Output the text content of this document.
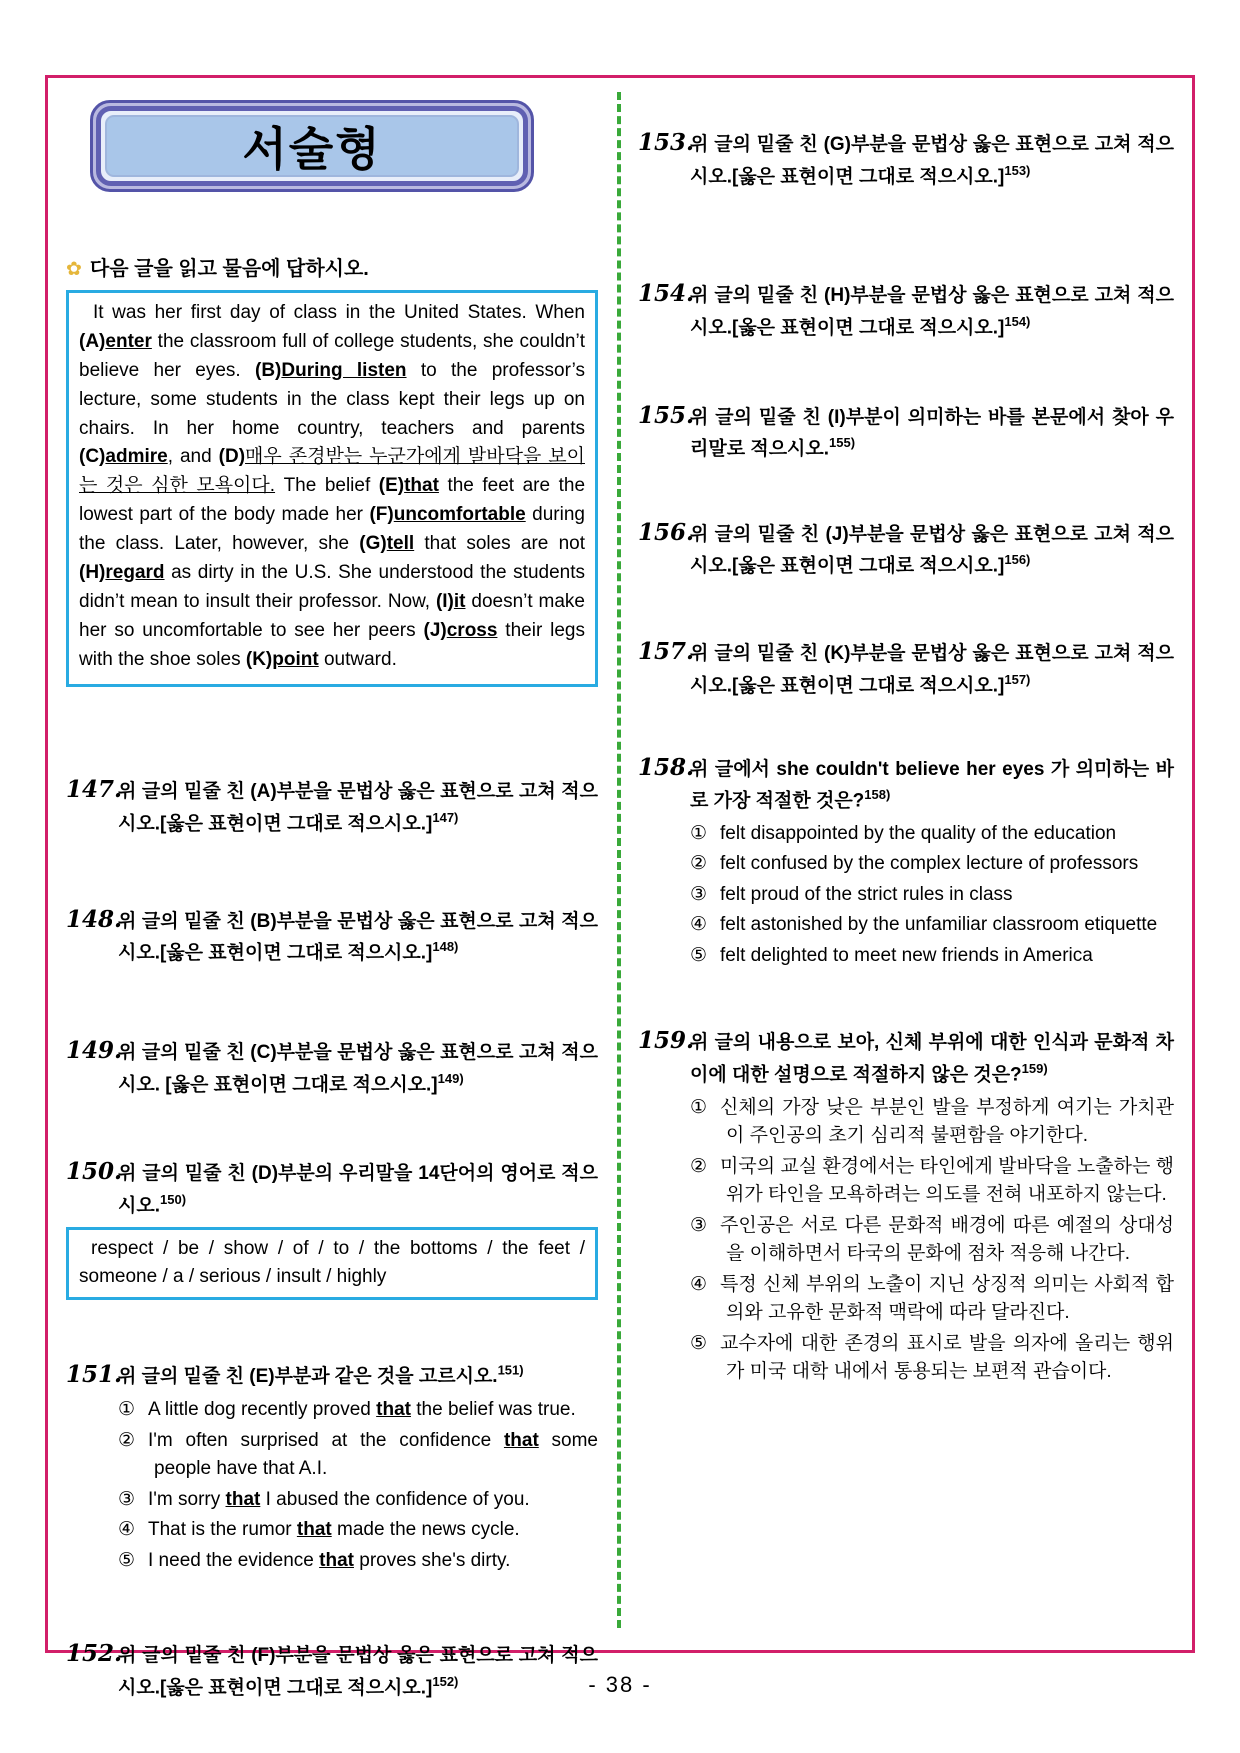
서술형
✿ 다음 글을 읽고 물음에 답하시오.

It was her first day of class in the United States. When (A)enter the classroom full of college students, she couldn’t believe her eyes. (B)During listen to the professor’s lecture, some students in the class kept their legs up on chairs. In her home country, teachers and parents (C)admire, and (D)매우 존경받는 누군가에게 발바닥을 보이는 것은 심한 모욕이다. The belief (E)that the feet are the lowest part of the body made her (F)uncomfortable during the class. Later, however, she (G)tell that soles are not (H)regard as dirty in the U.S. She understood the students didn’t mean to insult their professor. Now, (I)it doesn’t make her so uncomfortable to see her peers (J)cross their legs with the shoe soles (K)point outward.

147.위 글의 밑줄 친 (A)부분을 문법상 옳은 표현으로 고쳐 적으시오.[옳은 표현이면 그대로 적으시오.]$^{147)}$
148.위 글의 밑줄 친 (B)부분을 문법상 옳은 표현으로 고쳐 적으시오.[옳은 표현이면 그대로 적으시오.]$^{148)}$
149.위 글의 밑줄 친 (C)부분을 문법상 옳은 표현으로 고쳐 적으시오. [옳은 표현이면 그대로 적으시오.]$^{149)}$
150.위 글의 밑줄 친 (D)부분의 우리말을 14단어의 영어로 적으시오.$^{150)}$
respect / be / show / of / to / the bottoms / the feet / someone / a / serious / insult / highly
151.위 글의 밑줄 친 (E)부분과 같은 것을 고르시오.$^{151)}$
① A little dog recently proved that the belief was true.
② I'm often surprised at the confidence that some people have that A.I.
③ I'm sorry that I abused the confidence of you.
④ That is the rumor that made the news cycle.
⑤ I need the evidence that proves she's dirty.
152.위 글의 밑줄 친 (F)부분을 문법상 옳은 표현으로 고쳐 적으시오.[옳은 표현이면 그대로 적으시오.]$^{152)}$
153.위 글의 밑줄 친 (G)부분을 문법상 옳은 표현으로 고쳐 적으시오.[옳은 표현이면 그대로 적으시오.]$^{153)}$
154.위 글의 밑줄 친 (H)부분을 문법상 옳은 표현으로 고쳐 적으시오.[옳은 표현이면 그대로 적으시오.]$^{154)}$
155.위 글의 밑줄 친 (I)부분이 의미하는 바를 본문에서 찾아 우리말로 적으시오.$^{155)}$
156.위 글의 밑줄 친 (J)부분을 문법상 옳은 표현으로 고쳐 적으시오.[옳은 표현이면 그대로 적으시오.]$^{156)}$
157.위 글의 밑줄 친 (K)부분을 문법상 옳은 표현으로 고쳐 적으시오.[옳은 표현이면 그대로 적으시오.]$^{157)}$
158.위 글에서 she couldn't believe her eyes 가 의미하는 바로 가장 적절한 것은?$^{158)}$
① felt disappointed by the quality of the education
② felt confused by the complex lecture of professors
③ felt proud of the strict rules in class
④ felt astonished by the unfamiliar classroom etiquette
⑤ felt delighted to meet new friends in America
159.위 글의 내용으로 보아, 신체 부위에 대한 인식과 문화적 차이에 대한 설명으로 적절하지 않은 것은?$^{159)}$
① 신체의 가장 낮은 부분인 발을 부정하게 여기는 가치관이 주인공의 초기 심리적 불편함을 야기한다.
② 미국의 교실 환경에서는 타인에게 발바닥을 노출하는 행위가 타인을 모욕하려는 의도를 전혀 내포하지 않는다.
③ 주인공은 서로 다른 문화적 배경에 따른 예절의 상대성을 이해하면서 타국의 문화에 점차 적응해 나간다.
④ 특정 신체 부위의 노출이 지닌 상징적 의미는 사회적 합의와 고유한 문화적 맥락에 따라 달라진다.
⑤ 교수자에 대한 존경의 표시로 발을 의자에 올리는 행위가 미국 대학 내에서 통용되는 보편적 관습이다.
- 38 -
